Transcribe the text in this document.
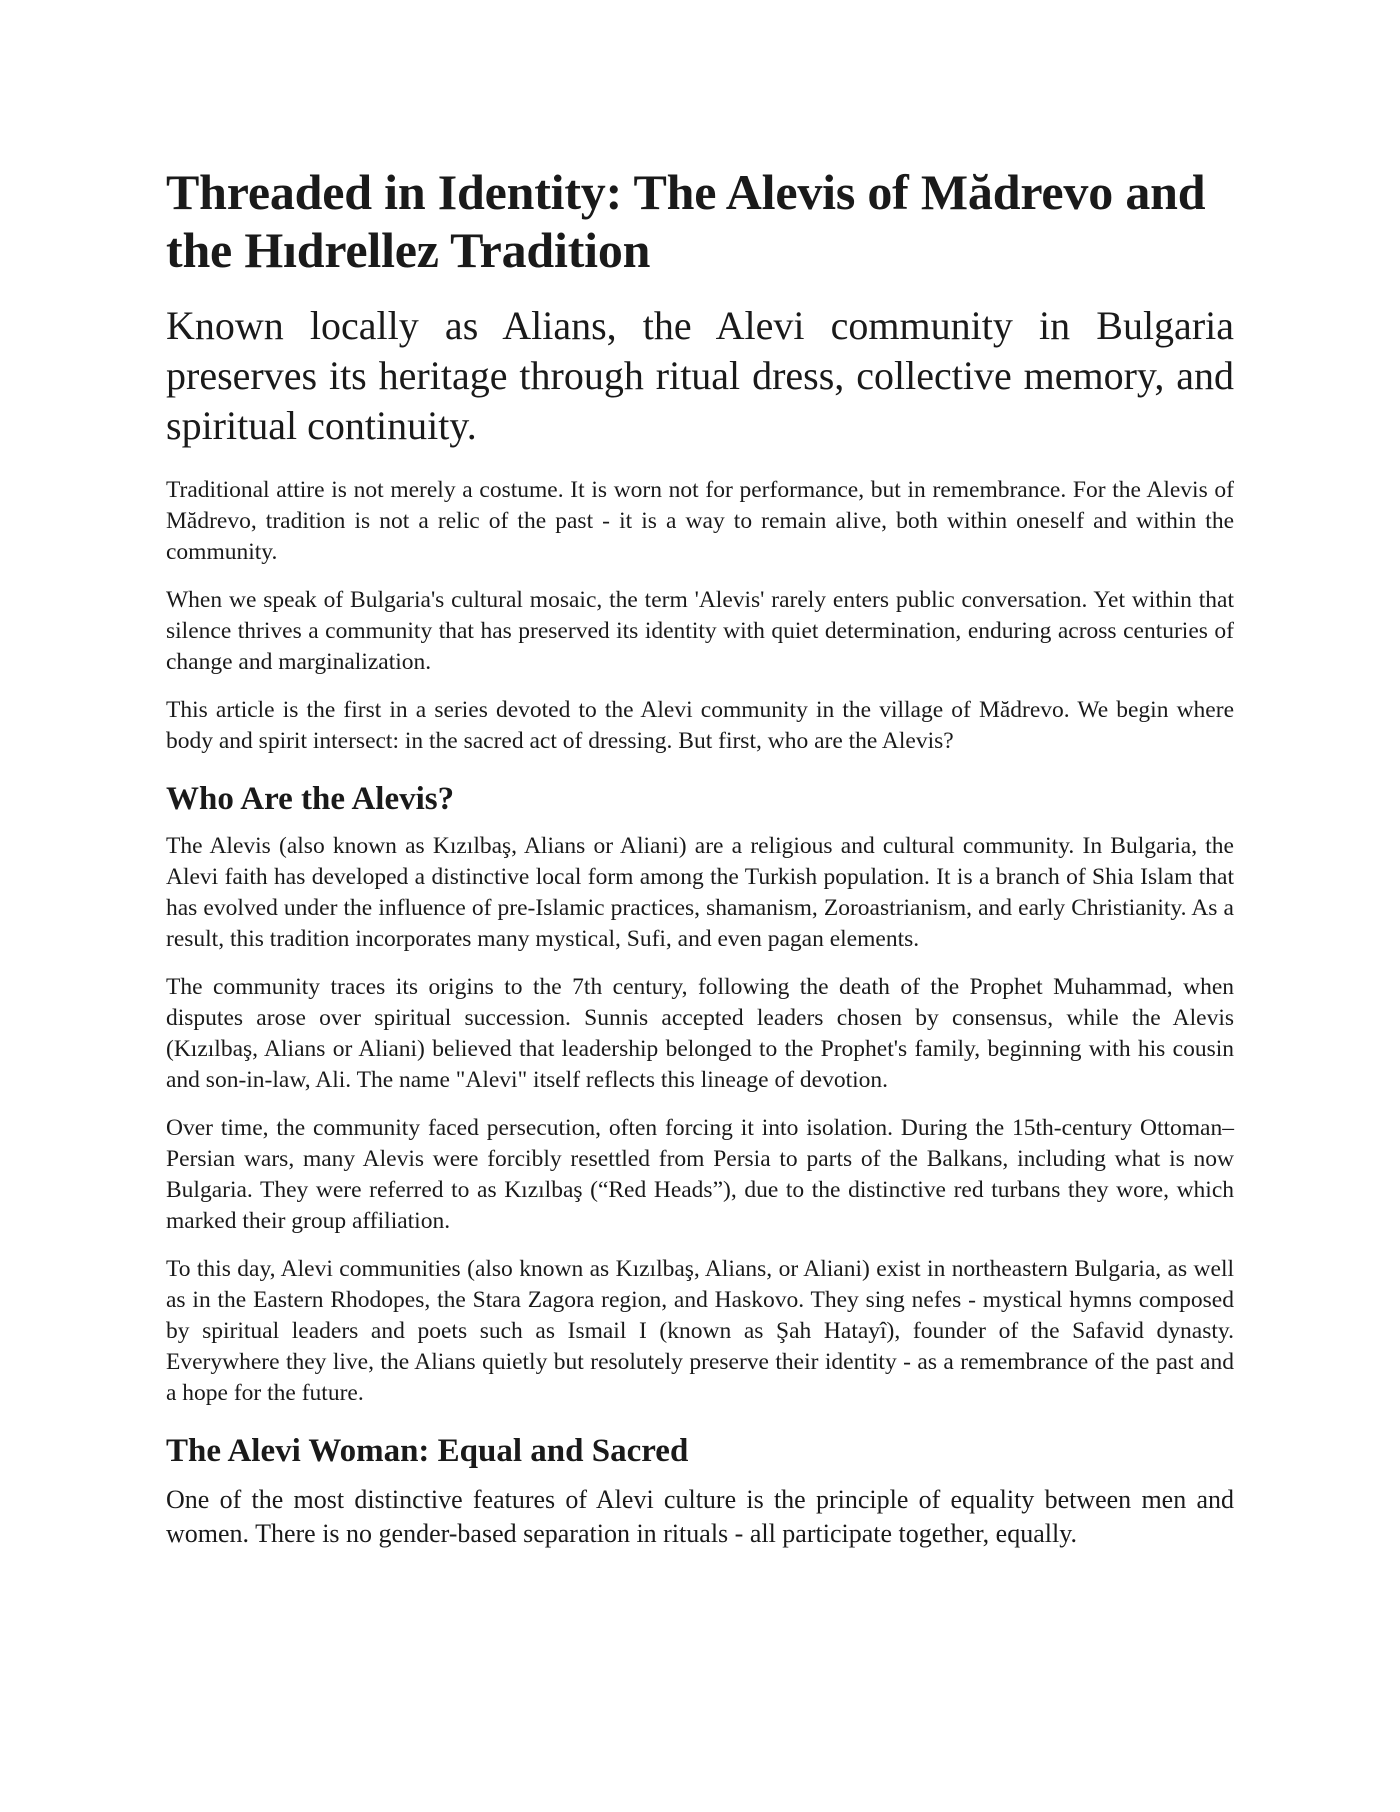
Threaded in Identity: The Alevis of Mădrevo and the Hıdrellez Tradition
Known locally as Alians, the Alevi community in Bulgaria preserves its heritage through ritual dress, collective memory, and spiritual continuity.

Traditional attire is not merely a costume. It is worn not for performance, but in remembrance. For the Alevis of Mădrevo, tradition is not a relic of the past - it is a way to remain alive, both within oneself and within the community.

When we speak of Bulgaria's cultural mosaic, the term 'Alevis' rarely enters public conversation. Yet within that silence thrives a community that has preserved its identity with quiet determination, enduring across centuries of change and marginalization.

This article is the first in a series devoted to the Alevi community in the village of Mădrevo. We begin where body and spirit intersect: in the sacred act of dressing. But first, who are the Alevis?

Who Are the Alevis?

The Alevis (also known as Kızılbaş, Alians or Aliani) are a religious and cultural community. In Bulgaria, the Alevi faith has developed a distinctive local form among the Turkish population. It is a branch of Shia Islam that has evolved under the influence of pre-Islamic practices, shamanism, Zoroastrianism, and early Christianity. As a result, this tradition incorporates many mystical, Sufi, and even pagan elements.

The community traces its origins to the 7th century, following the death of the Prophet Muhammad, when disputes arose over spiritual succession. Sunnis accepted leaders chosen by consensus, while the Alevis (Kızılbaş, Alians or Aliani) believed that leadership belonged to the Prophet's family, beginning with his cousin and son-in-law, Ali. The name "Alevi" itself reflects this lineage of devotion.

Over time, the community faced persecution, often forcing it into isolation. During the 15th-century Ottoman–Persian wars, many Alevis were forcibly resettled from Persia to parts of the Balkans, including what is now Bulgaria. They were referred to as Kızılbaş (“Red Heads”), due to the distinctive red turbans they wore, which marked their group affiliation.

To this day, Alevi communities (also known as Kızılbaş, Alians, or Aliani) exist in northeastern Bulgaria, as well as in the Eastern Rhodopes, the Stara Zagora region, and Haskovo. They sing nefes - mystical hymns composed by spiritual leaders and poets such as Ismail I (known as Şah Hatayî), founder of the Safavid dynasty. Everywhere they live, the Alians quietly but resolutely preserve their identity - as a remembrance of the past and a hope for the future.

The Alevi Woman: Equal and Sacred

One of the most distinctive features of Alevi culture is the principle of equality between men and women. There is no gender-based separation in rituals - all participate together, equally.
